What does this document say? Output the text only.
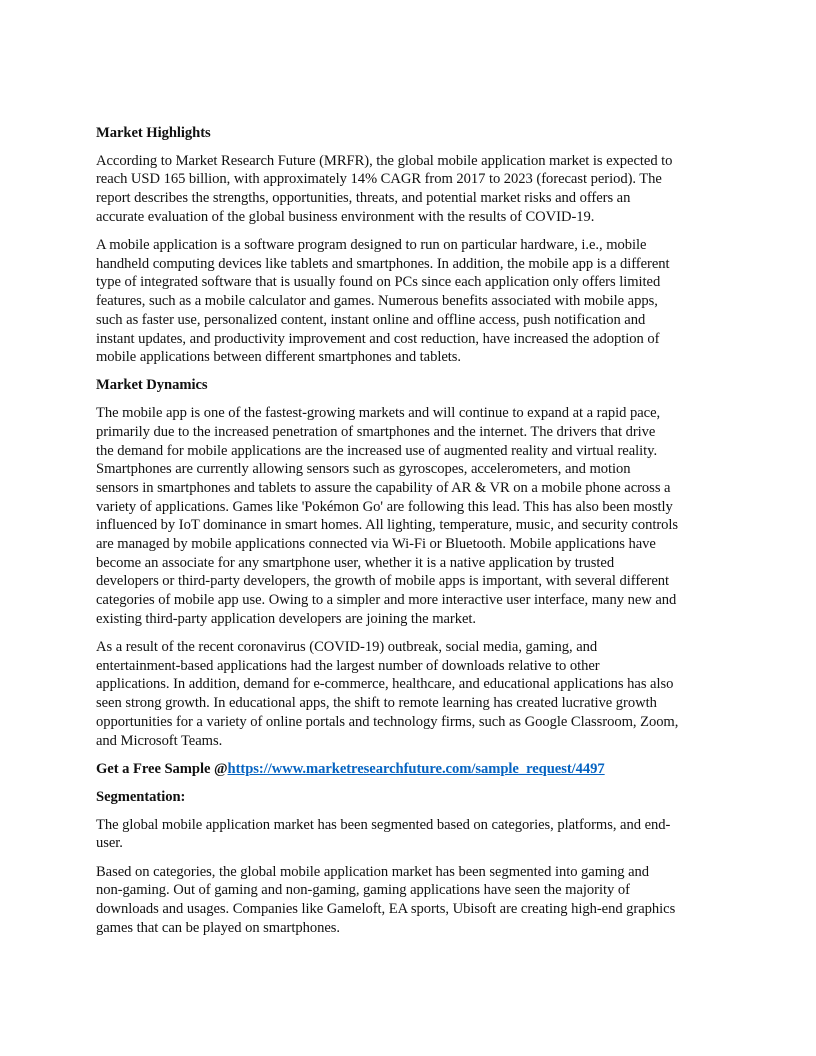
Market Highlights
According to Market Research Future (MRFR), the global mobile application market is expected to
reach USD 165 billion, with approximately 14% CAGR from 2017 to 2023 (forecast period). The
report describes the strengths, opportunities, threats, and potential market risks and offers an
accurate evaluation of the global business environment with the results of COVID-19.
A mobile application is a software program designed to run on particular hardware, i.e., mobile
handheld computing devices like tablets and smartphones. In addition, the mobile app is a different
type of integrated software that is usually found on PCs since each application only offers limited
features, such as a mobile calculator and games. Numerous benefits associated with mobile apps,
such as faster use, personalized content, instant online and offline access, push notification and
instant updates, and productivity improvement and cost reduction, have increased the adoption of
mobile applications between different smartphones and tablets.
Market Dynamics
The mobile app is one of the fastest-growing markets and will continue to expand at a rapid pace,
primarily due to the increased penetration of smartphones and the internet. The drivers that drive
the demand for mobile applications are the increased use of augmented reality and virtual reality.
Smartphones are currently allowing sensors such as gyroscopes, accelerometers, and motion
sensors in smartphones and tablets to assure the capability of AR & VR on a mobile phone across a
variety of applications. Games like 'Pokémon Go' are following this lead. This has also been mostly
influenced by IoT dominance in smart homes. All lighting, temperature, music, and security controls
are managed by mobile applications connected via Wi-Fi or Bluetooth. Mobile applications have
become an associate for any smartphone user, whether it is a native application by trusted
developers or third-party developers, the growth of mobile apps is important, with several different
categories of mobile app use. Owing to a simpler and more interactive user interface, many new and
existing third-party application developers are joining the market.
As a result of the recent coronavirus (COVID-19) outbreak, social media, gaming, and
entertainment-based applications had the largest number of downloads relative to other
applications. In addition, demand for e-commerce, healthcare, and educational applications has also
seen strong growth. In educational apps, the shift to remote learning has created lucrative growth
opportunities for a variety of online portals and technology firms, such as Google Classroom, Zoom,
and Microsoft Teams.
Get a Free Sample @https://www.marketresearchfuture.com/sample_request/4497
Segmentation:
The global mobile application market has been segmented based on categories, platforms, and end-
user.
Based on categories, the global mobile application market has been segmented into gaming and
non-gaming. Out of gaming and non-gaming, gaming applications have seen the majority of
downloads and usages. Companies like Gameloft, EA sports, Ubisoft are creating high-end graphics
games that can be played on smartphones.
